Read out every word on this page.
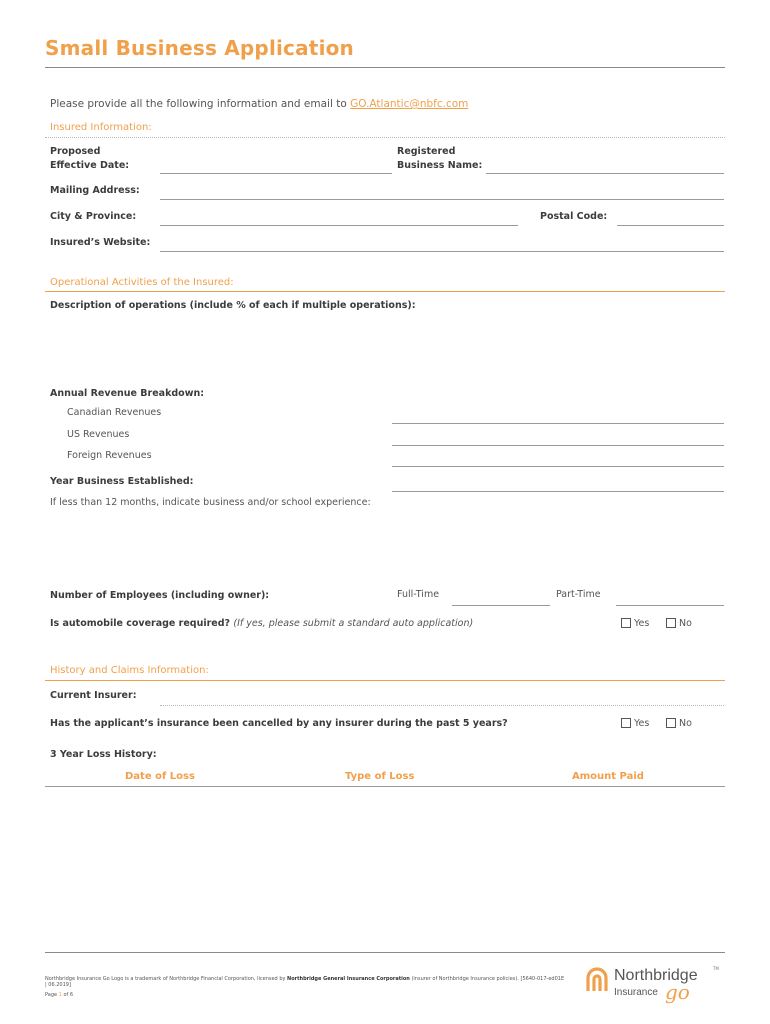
Small Business Application
Please provide all the following information and email to GO.Atlantic@nbfc.com
Insured Information:
Proposed
Effective Date:
Registered
Business Name:
Mailing Address:
City & Province:	Postal Code:
Insured’s Website:
Operational Activities of the Insured:
Description of operations (include % of each if multiple operations):
Annual Revenue Breakdown:
Canadian Revenues
US Revenues
Foreign Revenues
Year Business Established:
If less than 12 months, indicate business and/or school experience:
Number of Employees (including owner):	Full-Time	Part-Time
Is automobile coverage required? (If yes, please submit a standard auto application)	Yes	No
History and Claims Information:
Current Insurer:
Has the applicant’s insurance been cancelled by any insurer during the past 5 years?	Yes	No
3 Year Loss History:
Date of Loss	Type of Loss	Amount Paid
Northbridge Insurance Go Logo is a trademark of Northbridge Financial Corporation, licensed by Northbridge General Insurance Corporation (insurer of Northbridge Insurance policies). [5640-017-ed01E | 06.2019]
Page 1 of 6
Northbridge	TM
Insurance go
